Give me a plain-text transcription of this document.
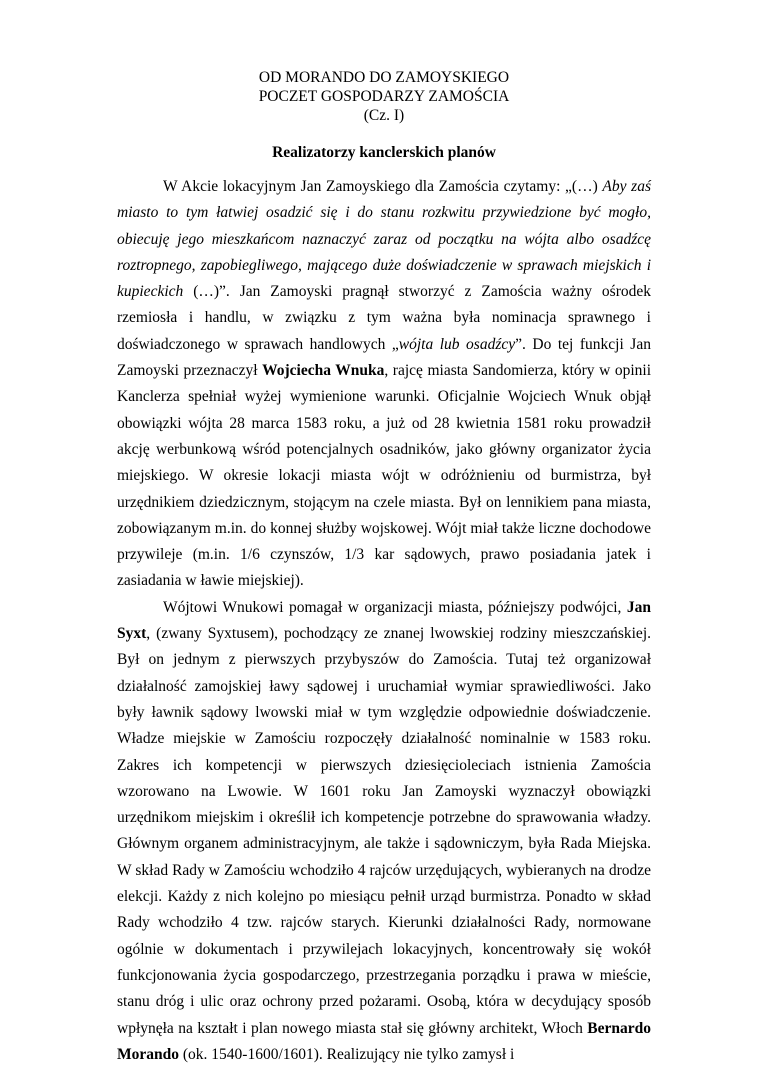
OD MORANDO DO ZAMOYSKIEGO
POCZET GOSPODARZY ZAMOŚCIA
(Cz. I)
Realizatorzy kanclerskich planów

W Akcie lokacyjnym Jan Zamoyskiego dla Zamościa czytamy: „(…) Aby zaś miasto to tym łatwiej osadzić się i do stanu rozkwitu przywiedzione być mogło, obiecuję jego mieszkańcom naznaczyć zaraz od początku na wójta albo osadźcę roztropnego, zapobiegliwego, mającego duże doświadczenie w sprawach miejskich i kupieckich (…)”. Jan Zamoyski pragnął stworzyć z Zamościa ważny ośrodek rzemiosła i handlu, w związku z tym ważna była nominacja sprawnego i doświadczonego w sprawach handlowych „wójta lub osadźcy”. Do tej funkcji Jan Zamoyski przeznaczył Wojciecha Wnuka, rajcę miasta Sandomierza, który w opinii Kanclerza spełniał wyżej wymienione warunki. Oficjalnie Wojciech Wnuk objął obowiązki wójta 28 marca 1583 roku, a już od 28 kwietnia 1581 roku prowadził akcję werbunkową wśród potencjalnych osadników, jako główny organizator życia miejskiego. W okresie lokacji miasta wójt w odróżnieniu od burmistrza, był urzędnikiem dziedzicznym, stojącym na czele miasta. Był on lennikiem pana miasta, zobowiązanym m.in. do konnej służby wojskowej. Wójt miał także liczne dochodowe przywileje (m.in. 1/6 czynszów, 1/3 kar sądowych, prawo posiadania jatek i zasiadania w ławie miejskiej).

Wójtowi Wnukowi pomagał w organizacji miasta, późniejszy podwójci, Jan Syxt, (zwany Syxtusem), pochodzący ze znanej lwowskiej rodziny mieszczańskiej. Był on jednym z pierwszych przybyszów do Zamościa. Tutaj też organizował działalność zamojskiej ławy sądowej i uruchamiał wymiar sprawiedliwości. Jako były ławnik sądowy lwowski miał w tym względzie odpowiednie doświadczenie. Władze miejskie w Zamościu rozpoczęły działalność nominalnie w 1583 roku. Zakres ich kompetencji w pierwszych dziesięcioleciach istnienia Zamościa wzorowano na Lwowie. W 1601 roku Jan Zamoyski wyznaczył obowiązki urzędnikom miejskim i określił ich kompetencje potrzebne do sprawowania władzy. Głównym organem administracyjnym, ale także i sądowniczym, była Rada Miejska. W skład Rady w Zamościu wchodziło 4 rajców urzędujących, wybieranych na drodze elekcji. Każdy z nich kolejno po miesiącu pełnił urząd burmistrza. Ponadto w skład Rady wchodziło 4 tzw. rajców starych. Kierunki działalności Rady, normowane ogólnie w dokumentach i przywilejach lokacyjnych, koncentrowały się wokół funkcjonowania życia gospodarczego, przestrzegania porządku i prawa w mieście, stanu dróg i ulic oraz ochrony przed pożarami. Osobą, która w decydujący sposób wpłynęła na kształt i plan nowego miasta stał się główny architekt, Włoch Bernardo Morando (ok. 1540-1600/1601). Realizujący nie tylko zamysł i
